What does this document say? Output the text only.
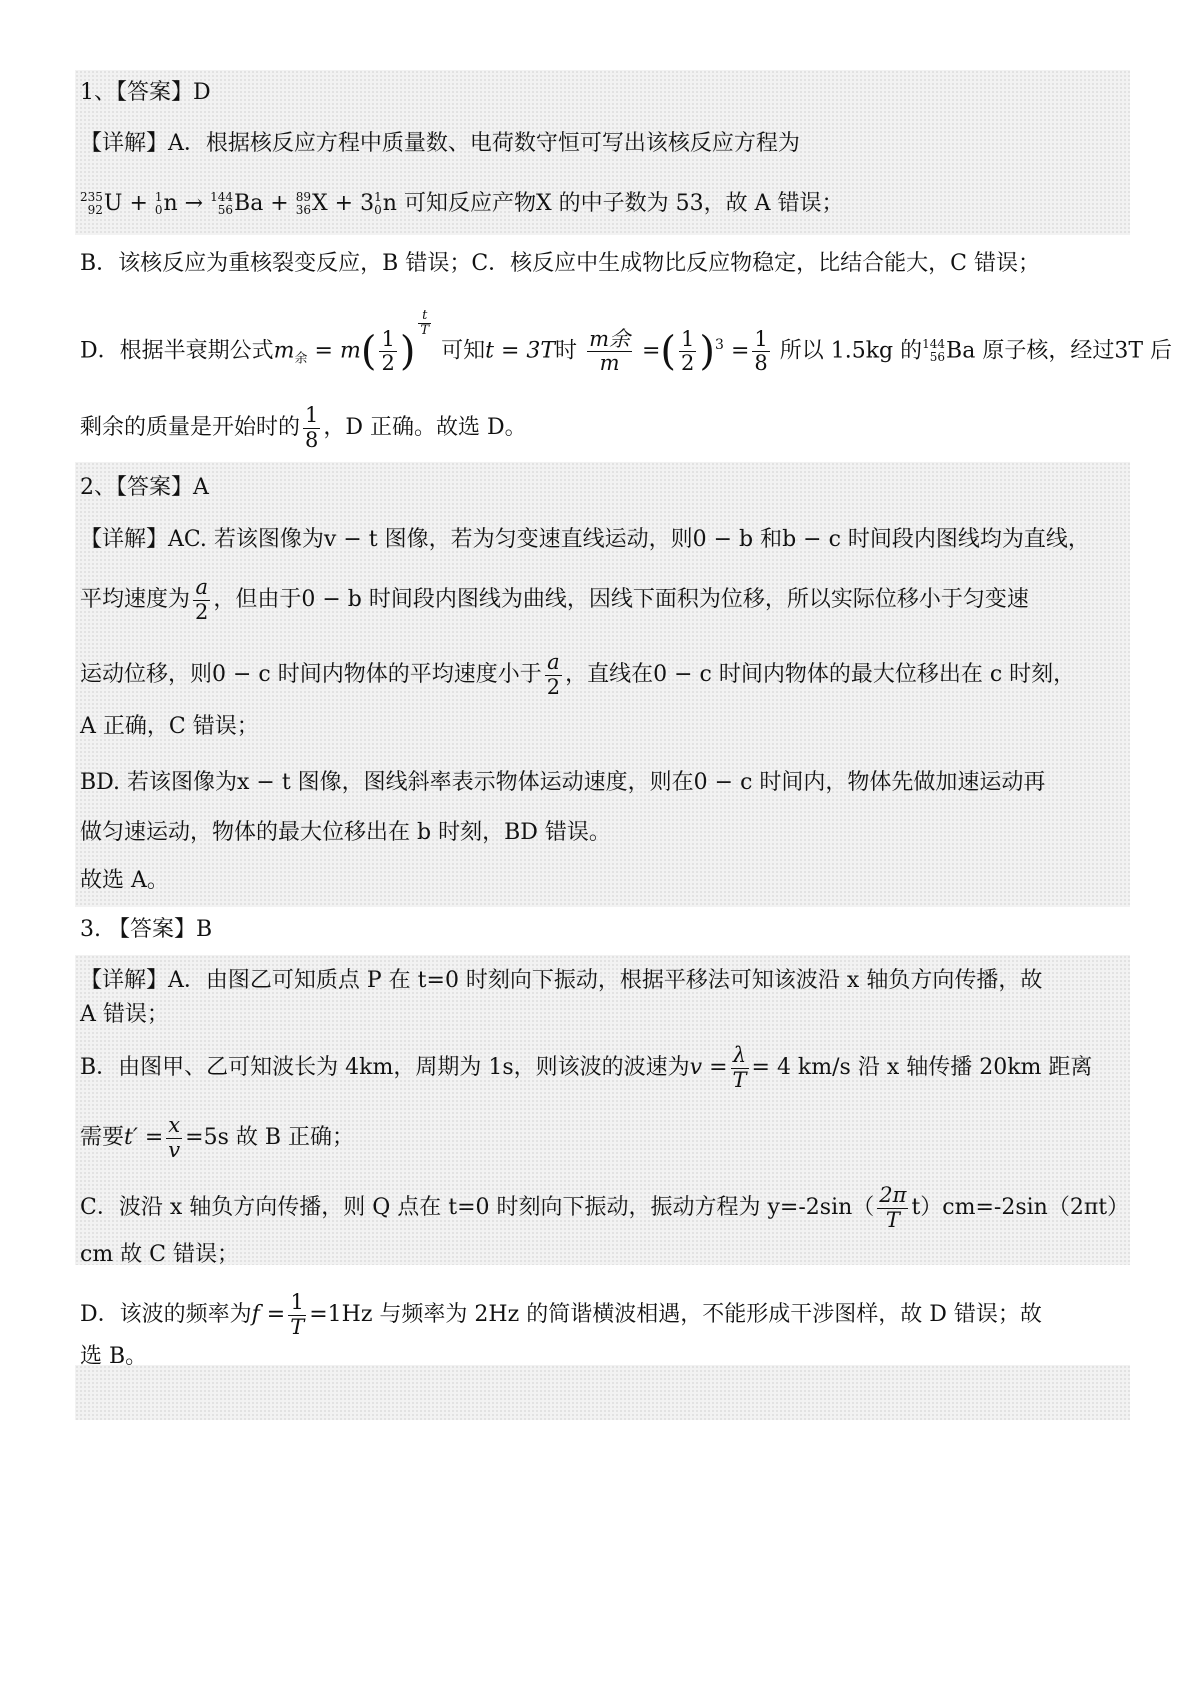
1、【答案】D
【详解】A．根据核反应方程中质量数、电荷数守恒可写出该核反应方程为
235
92 U + 1
0 n → 144
56 Ba + 89
36 X + 3 1
0 n 可知反应产物X 的中子数为 53，故 A 错误；
B．该核反应为重核裂变反应，B 错误；C．核反应中生成物比反应物稳定，比结合能大，C 错误；
D．根据半衰期公式$m_余 = m( \frac{1}{2}$ )
$\frac{t}{T}$
可知t = 3T时 $\frac{\text{m余}}{m}$ =( $\frac{1}{2} )^3 = \frac{1}{8}$ 所以 1.5kg 的 144
56 Ba 原子核，经过3T 后
剩余的质量是开始时的 $\frac{1}{8}$ ，D 正确。故选 D。
2、【答案】A
【详解】AC. 若该图像为v − t 图像，若为匀变速直线运动，则0 − b 和b − c 时间段内图线均为直线，
平均速度为 $\frac{a}{2}$ ，但由于0 − b 时间段内图线为曲线，因线下面积为位移，所以实际位移小于匀变速
运动位移，则0 − c 时间内物体的平均速度小于 $\frac{a}{2}$ ，直线在0 − c 时间内物体的最大位移出在 c 时刻，
A 正确，C 错误；
BD. 若该图像为x − t 图像，图线斜率表示物体运动速度，则在0 − c 时间内，物体先做加速运动再
做匀速运动，物体的最大位移出在 b 时刻，BD 错误。
故选 A。
3. 【答案】B
【详解】A．由图乙可知质点 P 在 t=0 时刻向下振动，根据平移法可知该波沿 x 轴负方向传播，故
A 错误；
B．由图甲、乙可知波长为 4km，周期为 1s，则该波的波速为$v = \frac{\lambda}{T} = 4$ km/s 沿 x 轴传播 20km 距离
需要$t' = \frac{x}{v} =5s$ 故 B 正确；
C．波沿 x 轴负方向传播，则 Q 点在 t=0 时刻向下振动，振动方程为 $y=-2\sin( \frac{2\pi}{T} t)cm=-2\sin(2\pi t)$
cm 故 C 错误；
D．该波的频率为$f = \frac{1}{T} =1Hz$ 与频率为 2Hz 的简谐横波相遇，不能形成干涉图样，故 D 错误；故
选 B。
